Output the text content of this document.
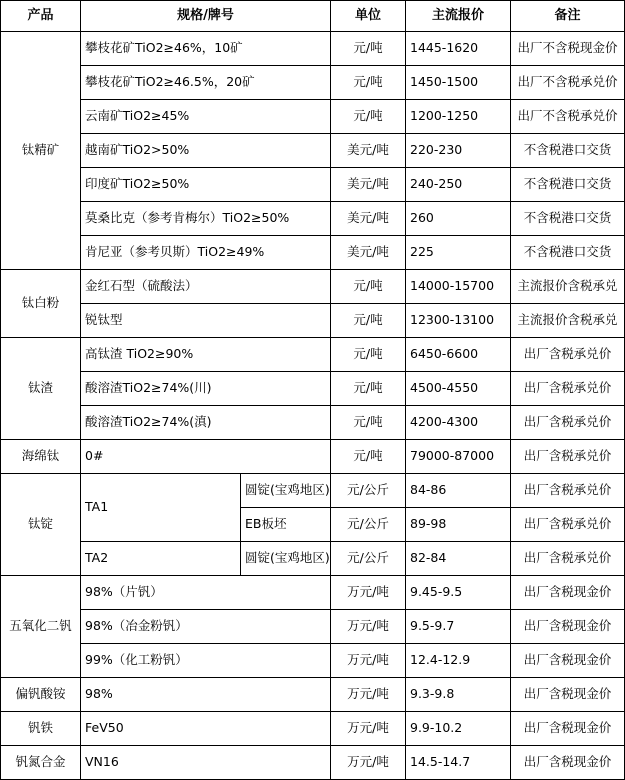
产品	规格/牌号		单位	主流报价	备注
钛精矿	攀枝花矿TiO2≥46%，10矿		元/吨	1445-1620	出厂不含税现金价
	攀枝花矿TiO2≥46.5%，20矿		元/吨	1450-1500	出厂不含税承兑价
	云南矿TiO2≥45%		元/吨	1200-1250	出厂不含税承兑价
	越南矿TiO2>50%		美元/吨	220-230	不含税港口交货
	印度矿TiO2≥50%		美元/吨	240-250	不含税港口交货
	莫桑比克（参考肯梅尔）TiO2≥50%		美元/吨	260	不含税港口交货
	肯尼亚（参考贝斯）TiO2≥49%		美元/吨	225	不含税港口交货
钛白粉	金红石型（硫酸法）		元/吨	14000-15700	主流报价含税承兑
	锐钛型		元/吨	12300-13100	主流报价含税承兑
钛渣	高钛渣 TiO2≥90%		元/吨	6450-6600	出厂含税承兑价
	酸溶渣TiO2≥74%(川)		元/吨	4500-4550	出厂含税承兑价
	酸溶渣TiO2≥74%(滇)		元/吨	4200-4300	出厂含税承兑价
海绵钛	0#		元/吨	79000-87000	出厂含税承兑价
钛锭	TA1	圆锭(宝鸡地区)	元/公斤	84-86	出厂含税承兑价
		EB板坯	元/公斤	89-98	出厂含税承兑价
	TA2	圆锭(宝鸡地区)	元/公斤	82-84	出厂含税承兑价
五氧化二钒	98%（片钒）		万元/吨	9.45-9.5	出厂含税现金价
	98%（冶金粉钒）		万元/吨	9.5-9.7	出厂含税现金价
	99%（化工粉钒）		万元/吨	12.4-12.9	出厂含税现金价
偏钒酸铵	98%		万元/吨	9.3-9.8	出厂含税现金价
钒铁	FeV50		万元/吨	9.9-10.2	出厂含税现金价
钒氮合金	VN16		万元/吨	14.5-14.7	出厂含税现金价
